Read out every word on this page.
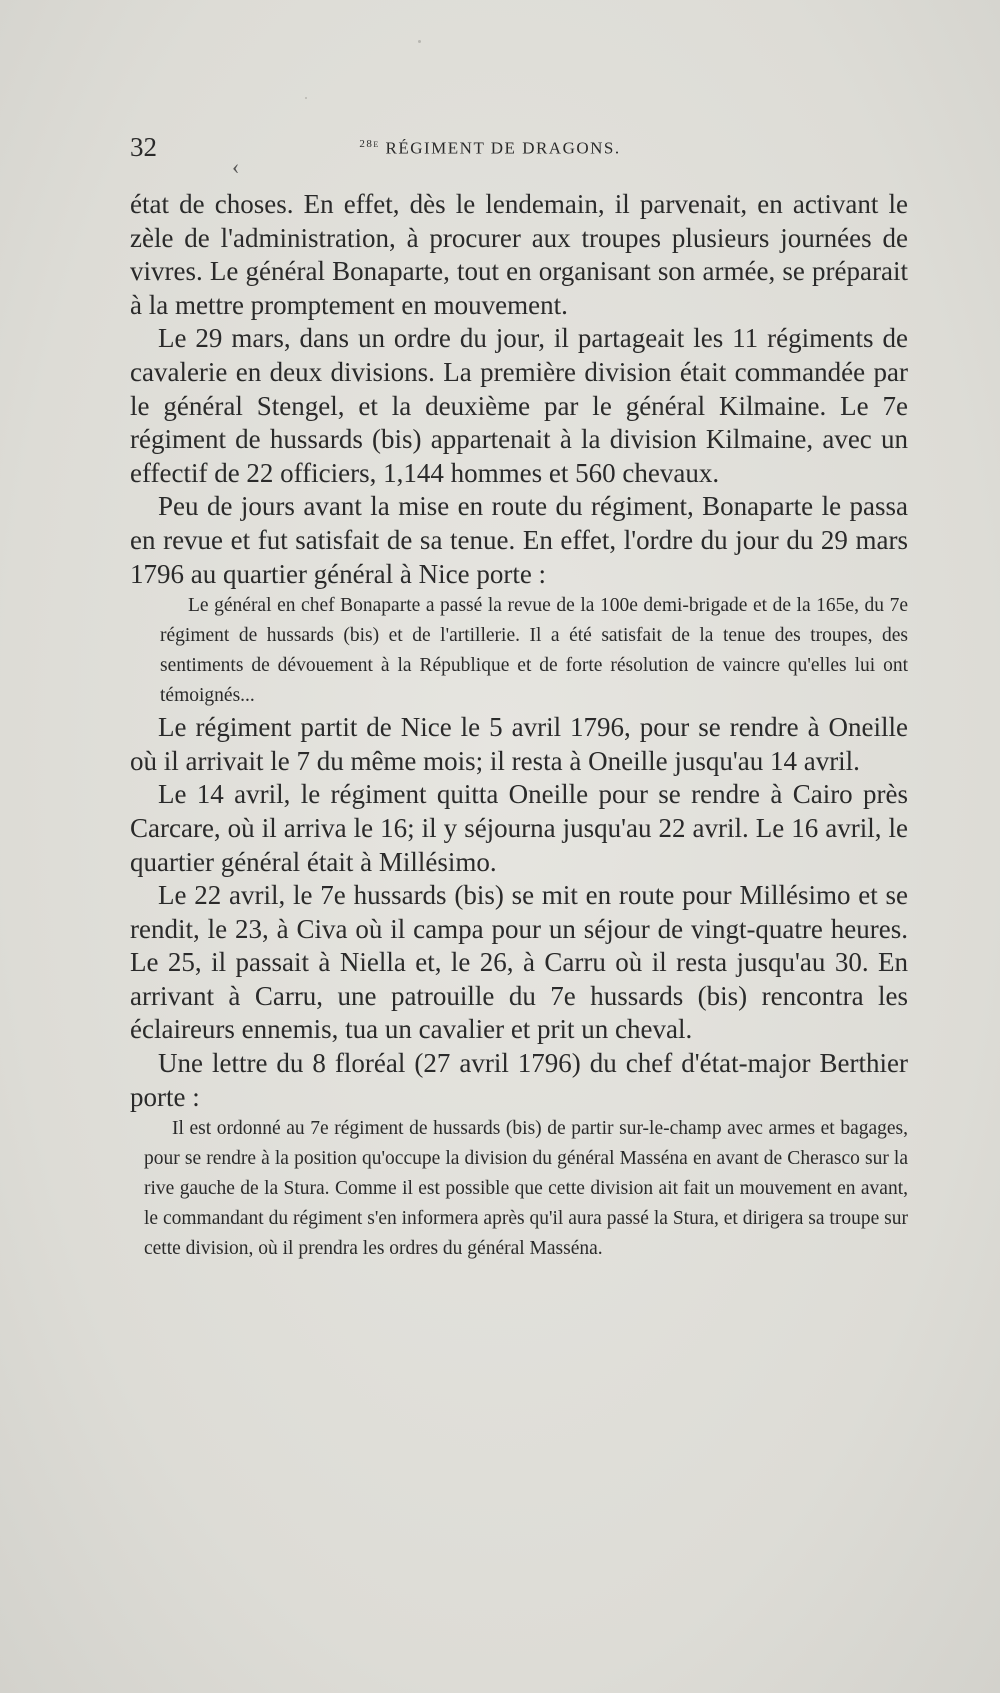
32	$^{28e}$ RÉGIMENT DE DRAGONS.
‹

état de choses. En effet, dès le lendemain, il parvenait, en activant le zèle de l'administration, à procurer aux troupes plusieurs journées de vivres. Le général Bonaparte, tout en organisant son armée, se préparait à la mettre promptement en mouvement.

Le 29 mars, dans un ordre du jour, il partageait les 11 régiments de cavalerie en deux divisions. La première division était commandée par le général Stengel, et la deuxième par le général Kilmaine. Le 7e régiment de hussards (bis) appartenait à la division Kilmaine, avec un effectif de 22 officiers, 1,144 hommes et 560 chevaux.

Peu de jours avant la mise en route du régiment, Bonaparte le passa en revue et fut satisfait de sa tenue. En effet, l'ordre du jour du 29 mars 1796 au quartier général à Nice porte :

Le général en chef Bonaparte a passé la revue de la 100e demi-brigade et de la 165e, du 7e régiment de hussards (bis) et de l'artillerie. Il a été satisfait de la tenue des troupes, des sentiments de dévouement à la République et de forte résolution de vaincre qu'elles lui ont témoignés...

Le régiment partit de Nice le 5 avril 1796, pour se rendre à Oneille où il arrivait le 7 du même mois; il resta à Oneille jusqu'au 14 avril.

Le 14 avril, le régiment quitta Oneille pour se rendre à Cairo près Carcare, où il arriva le 16; il y séjourna jusqu'au 22 avril. Le 16 avril, le quartier général était à Millésimo.

Le 22 avril, le 7e hussards (bis) se mit en route pour Millésimo et se rendit, le 23, à Civa où il campa pour un séjour de vingt-quatre heures. Le 25, il passait à Niella et, le 26, à Carru où il resta jusqu'au 30. En arrivant à Carru, une patrouille du 7e hussards (bis) rencontra les éclaireurs ennemis, tua un cavalier et prit un cheval.

Une lettre du 8 floréal (27 avril 1796) du chef d'état-major Berthier porte :

Il est ordonné au 7e régiment de hussards (bis) de partir sur-le-champ avec armes et bagages, pour se rendre à la position qu'occupe la division du général Masséna en avant de Cherasco sur la rive gauche de la Stura. Comme il est possible que cette division ait fait un mouvement en avant, le commandant du régiment s'en informera après qu'il aura passé la Stura, et dirigera sa troupe sur cette division, où il prendra les ordres du général Masséna.
